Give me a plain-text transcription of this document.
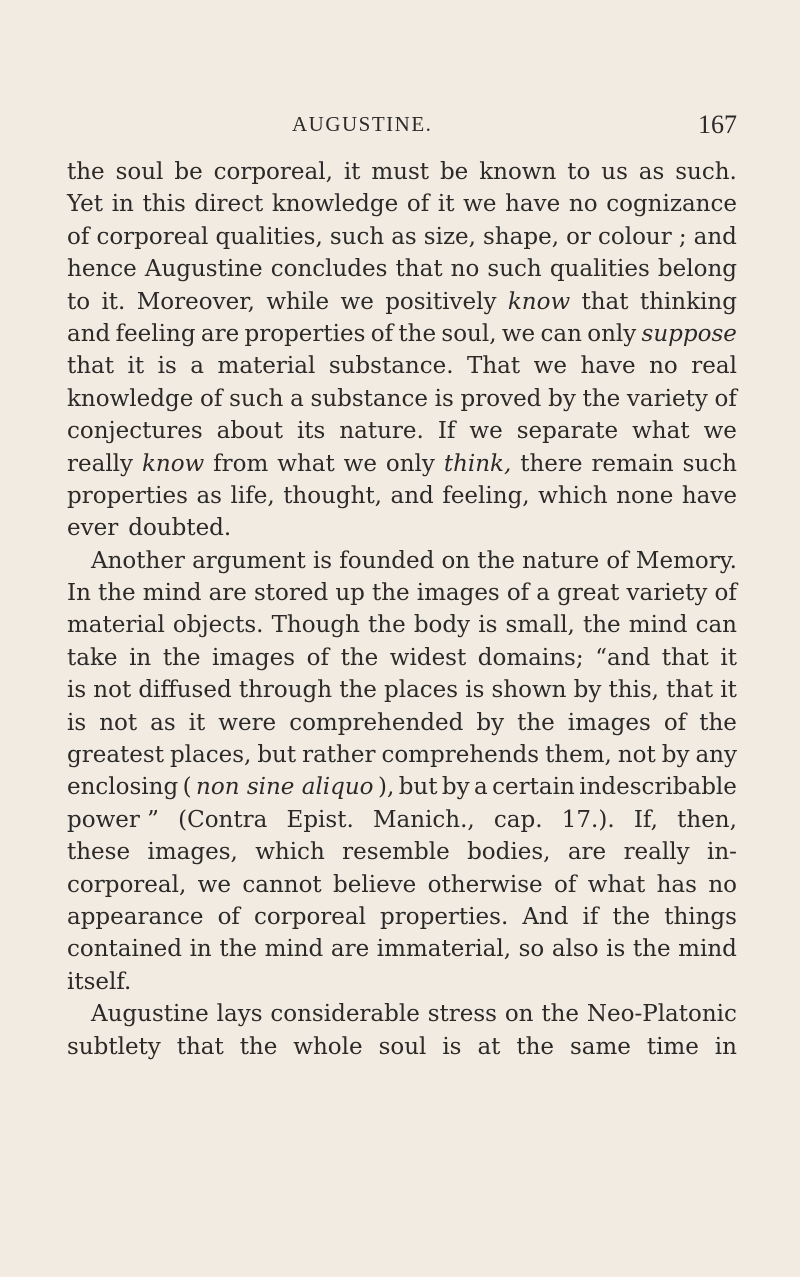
AUGUSTINE.	167
the soul be corporeal, it must be known to us as such.
Yet in this direct knowledge of it we have no cognizance
of corporeal qualities, such as size, shape, or colour ; and
hence Augustine concludes that no such qualities belong
to it. Moreover, while we positively know that thinking
and feeling are properties of the soul, we can only suppose
that it is a material substance. That we have no real
knowledge of such a substance is proved by the variety of
conjectures about its nature. If we separate what we
really know from what we only think, there remain such
properties as life, thought, and feeling, which none have
ever doubted.
Another argument is founded on the nature of Memory.
In the mind are stored up the images of a great variety of
material objects. Though the body is small, the mind can
take in the images of the widest domains; “and that it
is not diffused through the places is shown by this, that it
is not as it were comprehended by the images of the
greatest places, but rather comprehends them, not by any
enclosing ( non sine aliquo ), but by a certain indescribable
power ” (Contra Epist. Manich., cap. 17.). If, then,
these images, which resemble bodies, are really in-
corporeal, we cannot believe otherwise of what has no
appearance of corporeal properties. And if the things
contained in the mind are immaterial, so also is the mind
itself.
Augustine lays considerable stress on the Neo-Platonic
subtlety that the whole soul is at the same time in
